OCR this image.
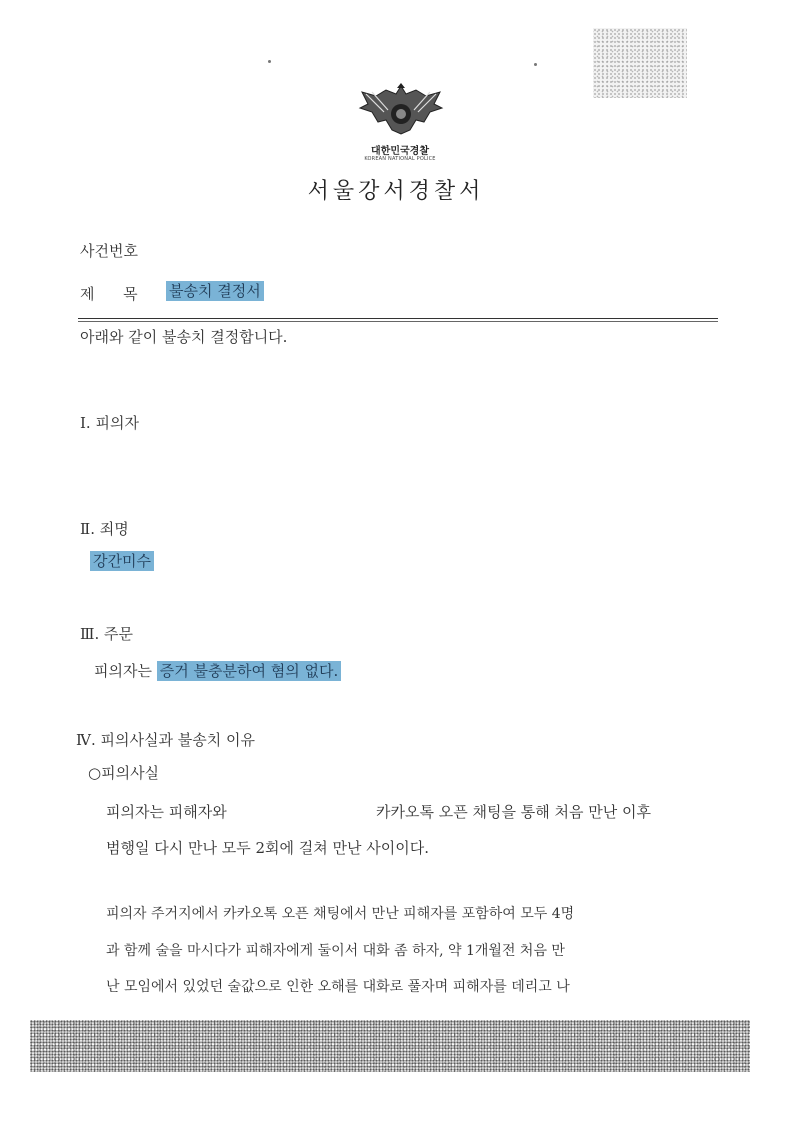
대한민국경찰
KOREAN NATIONAL POLICE
서울강서경찰서
사건번호
제      목 불송치 결정서
아래와 같이 불송치 결정합니다.
Ⅰ. 피의자
Ⅱ. 죄명
강간미수
Ⅲ. 주문
피의자는 증거 불충분하여 혐의 없다.
Ⅳ. 피의사실과 불송치 이유
○피의사실
피의자는 피해자와	카카오톡 오픈 채팅을 통해 처음 만난 이후
범행일 다시 만나 모두 2회에 걸쳐 만난 사이이다.
피의자 주거지에서 카카오톡 오픈 채팅에서 만난 피해자를 포함하여 모두 4명
과 함께 술을 마시다가 피해자에게 둘이서 대화 좀 하자, 약 1개월전 처음 만
난 모임에서 있었던 술값으로 인한 오해를 대화로 풀자며 피해자를 데리고 나
